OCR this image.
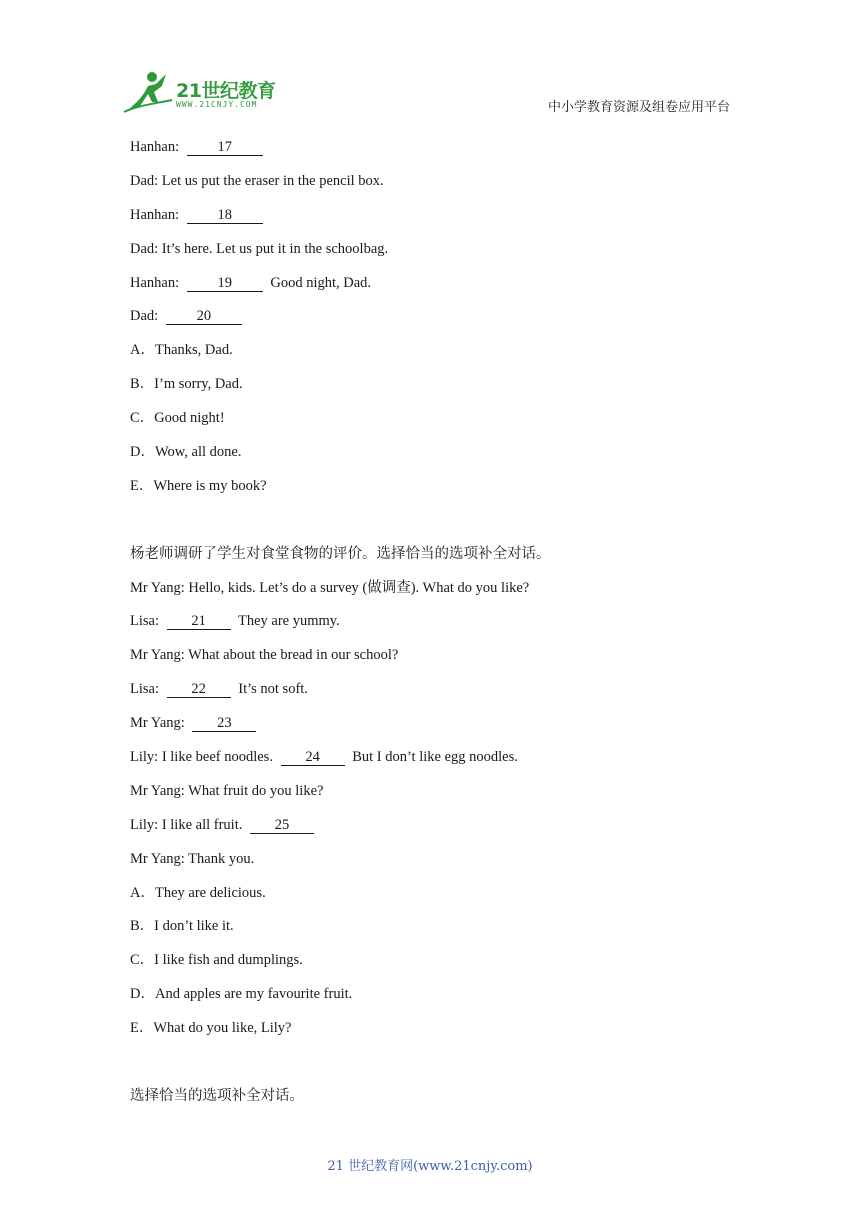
21世纪教育
WWW.21CNJY.COM	中小学教育资源及组卷应用平台
Hanhan:	17
Dad: Let us put the eraser in the pencil box.
Hanhan:	18
Dad: It’s here. Let us put it in the schoolbag.
Hanhan:	19	Good night, Dad.
Dad:	20
A．Thanks, Dad.
B．I’m sorry, Dad.
C．Good night!
D．Wow, all done.
E．Where is my book?
杨老师调研了学生对食堂食物的评价。选择恰当的选项补全对话。
Mr Yang: Hello, kids. Let’s do a survey (做调查). What do you like?
Lisa: 21 They are yummy.
Mr Yang: What about the bread in our school?
Lisa: 22 It’s not soft.
Mr Yang: 23
Lily: I like beef noodles. 24 But I don’t like egg noodles.
Mr Yang: What fruit do you like?
Lily: I like all fruit. 25
Mr Yang: Thank you.
A．They are delicious.
B．I don’t like it.
C．I like fish and dumplings.
D．And apples are my favourite fruit.
E．What do you like, Lily?
选择恰当的选项补全对话。
21 世纪教育网(www.21cnjy.com)
